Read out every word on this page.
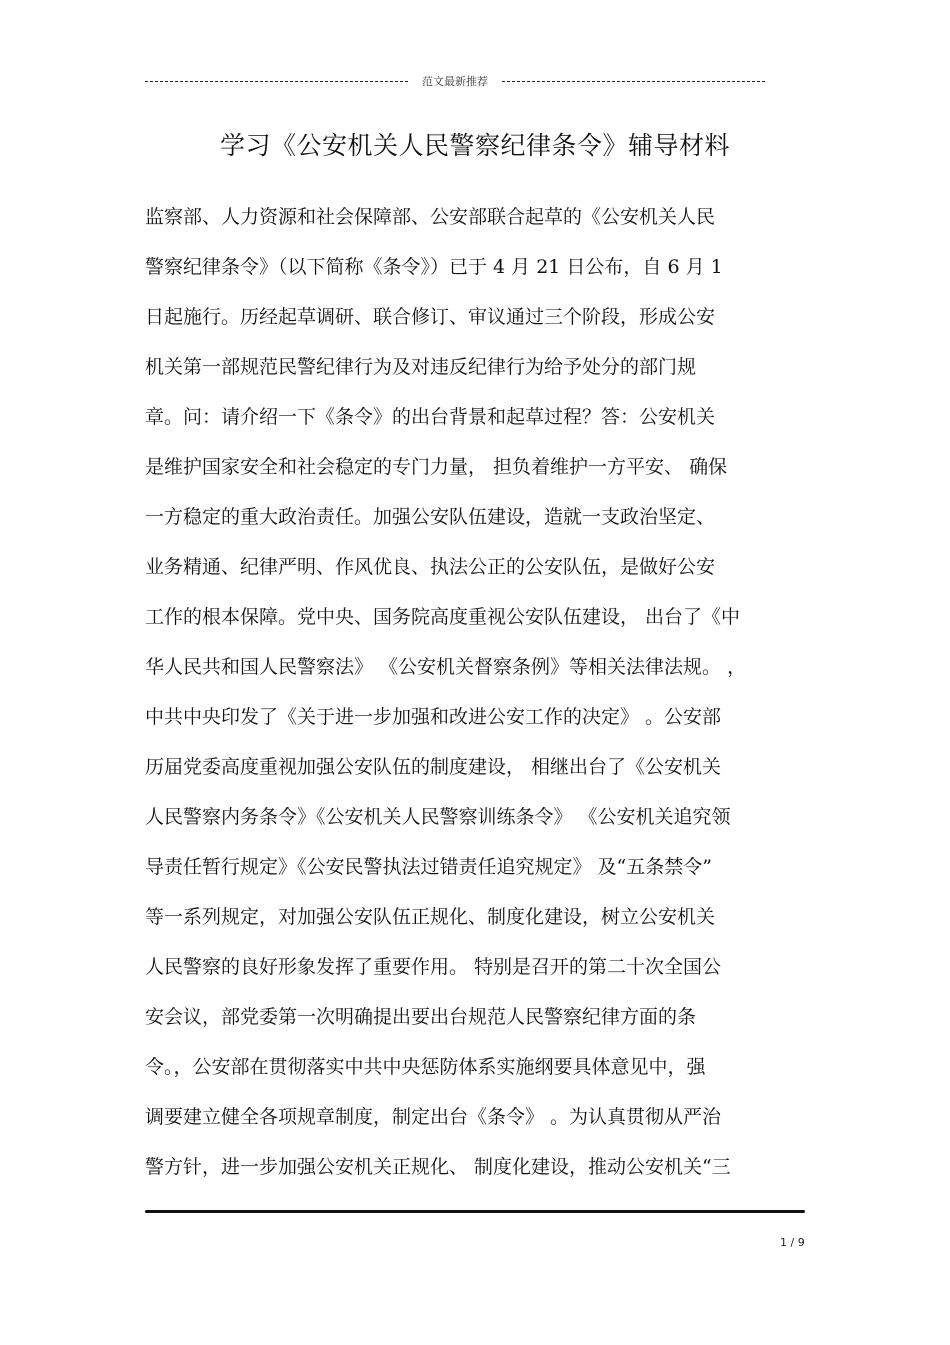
范文最新推荐
学习《公安机关人民警察纪律条令》辅导材料
监察部、人力资源和社会保障部、公安部联合起草的《公安机关人民
警察纪律条令》（以下简称《条令》）已于 4 月 21 日公布，自 6 月 1
日起施行。历经起草调研、联合修订、审议通过三个阶段，形成公安
机关第一部规范民警纪律行为及对违反纪律行为给予处分的部门规
章。问：请介绍一下《条令》的出台背景和起草过程？答：公安机关
是维护国家安全和社会稳定的专门力量， 担负着维护一方平安、 确保
一方稳定的重大政治责任。加强公安队伍建设，造就一支政治坚定、
业务精通、纪律严明、作风优良、执法公正的公安队伍，是做好公安
工作的根本保障。党中央、国务院高度重视公安队伍建设， 出台了《中
华人民共和国人民警察法》 《公安机关督察条例》等相关法律法规。 ，
中共中央印发了《关于进一步加强和改进公安工作的决定》 。公安部
历届党委高度重视加强公安队伍的制度建设， 相继出台了《公安机关
人民警察内务条令》《公安机关人民警察训练条令》 《公安机关追究领
导责任暂行规定》《公安民警执法过错责任追究规定》 及“五条禁令”
等一系列规定，对加强公安队伍正规化、制度化建设，树立公安机关
人民警察的良好形象发挥了重要作用。 特别是召开的第二十次全国公
安会议，部党委第一次明确提出要出台规范人民警察纪律方面的条
令。，公安部在贯彻落实中共中央惩防体系实施纲要具体意见中，强
调要建立健全各项规章制度，制定出台《条令》 。为认真贯彻从严治
警方针，进一步加强公安机关正规化、 制度化建设，推动公安机关“三
1 / 9
